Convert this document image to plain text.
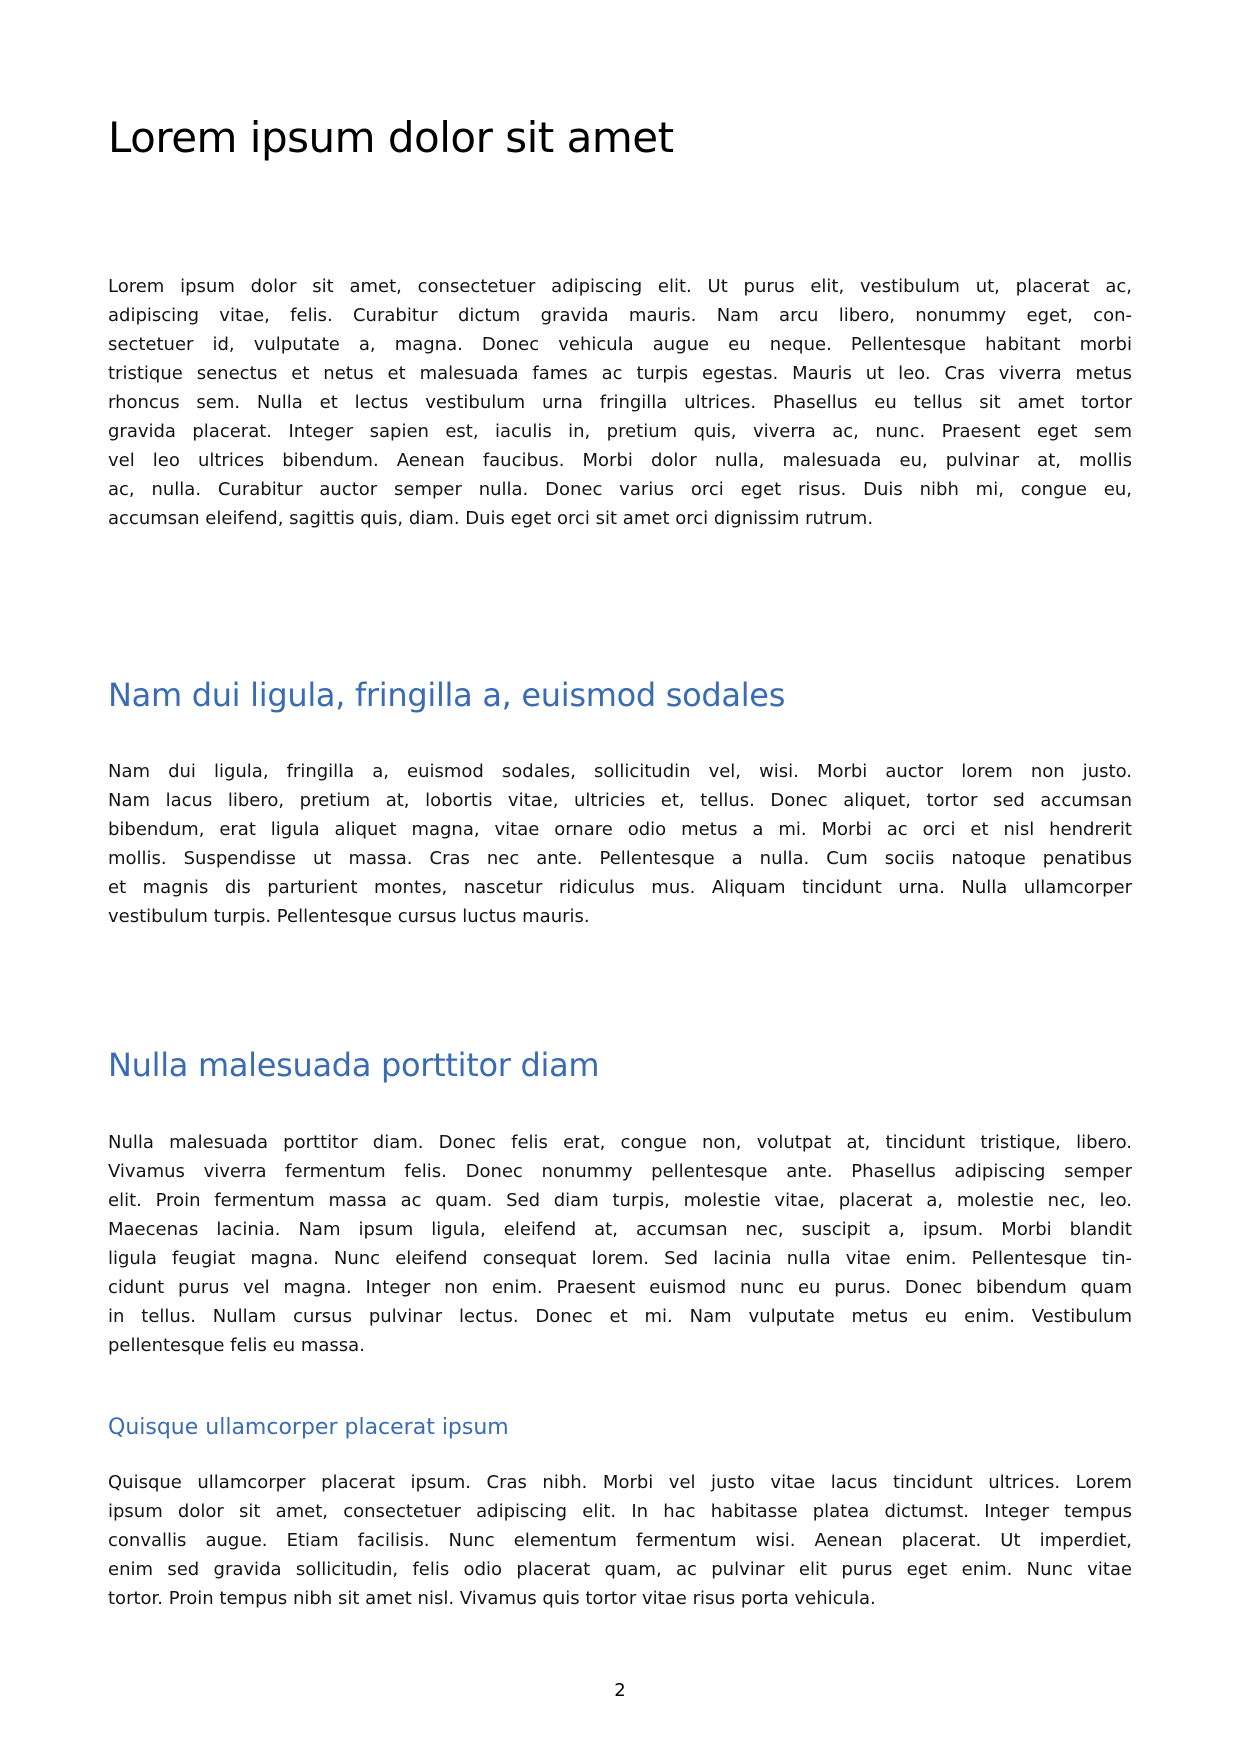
Lorem ipsum dolor sit amet
Lorem ipsum dolor sit amet, consectetuer adipiscing elit. Ut purus elit, vestibulum ut, placerat ac,
adipiscing vitae, felis. Curabitur dictum gravida mauris. Nam arcu libero, nonummy eget, con-
sectetuer id, vulputate a, magna. Donec vehicula augue eu neque. Pellentesque habitant morbi
tristique senectus et netus et malesuada fames ac turpis egestas. Mauris ut leo. Cras viverra metus
rhoncus sem. Nulla et lectus vestibulum urna fringilla ultrices. Phasellus eu tellus sit amet tortor
gravida placerat. Integer sapien est, iaculis in, pretium quis, viverra ac, nunc. Praesent eget sem
vel leo ultrices bibendum. Aenean faucibus. Morbi dolor nulla, malesuada eu, pulvinar at, mollis
ac, nulla. Curabitur auctor semper nulla. Donec varius orci eget risus. Duis nibh mi, congue eu,
accumsan eleifend, sagittis quis, diam. Duis eget orci sit amet orci dignissim rutrum.
Nam dui ligula, fringilla a, euismod sodales
Nam dui ligula, fringilla a, euismod sodales, sollicitudin vel, wisi. Morbi auctor lorem non justo.
Nam lacus libero, pretium at, lobortis vitae, ultricies et, tellus. Donec aliquet, tortor sed accumsan
bibendum, erat ligula aliquet magna, vitae ornare odio metus a mi. Morbi ac orci et nisl hendrerit
mollis. Suspendisse ut massa. Cras nec ante. Pellentesque a nulla. Cum sociis natoque penatibus
et magnis dis parturient montes, nascetur ridiculus mus. Aliquam tincidunt urna. Nulla ullamcorper
vestibulum turpis. Pellentesque cursus luctus mauris.
Nulla malesuada porttitor diam
Nulla malesuada porttitor diam. Donec felis erat, congue non, volutpat at, tincidunt tristique, libero.
Vivamus viverra fermentum felis. Donec nonummy pellentesque ante. Phasellus adipiscing semper
elit. Proin fermentum massa ac quam. Sed diam turpis, molestie vitae, placerat a, molestie nec, leo.
Maecenas lacinia. Nam ipsum ligula, eleifend at, accumsan nec, suscipit a, ipsum. Morbi blandit
ligula feugiat magna. Nunc eleifend consequat lorem. Sed lacinia nulla vitae enim. Pellentesque tin-
cidunt purus vel magna. Integer non enim. Praesent euismod nunc eu purus. Donec bibendum quam
in tellus. Nullam cursus pulvinar lectus. Donec et mi. Nam vulputate metus eu enim. Vestibulum
pellentesque felis eu massa.
Quisque ullamcorper placerat ipsum
Quisque ullamcorper placerat ipsum. Cras nibh. Morbi vel justo vitae lacus tincidunt ultrices. Lorem
ipsum dolor sit amet, consectetuer adipiscing elit. In hac habitasse platea dictumst. Integer tempus
convallis augue. Etiam facilisis. Nunc elementum fermentum wisi. Aenean placerat. Ut imperdiet,
enim sed gravida sollicitudin, felis odio placerat quam, ac pulvinar elit purus eget enim. Nunc vitae
tortor. Proin tempus nibh sit amet nisl. Vivamus quis tortor vitae risus porta vehicula.
2
